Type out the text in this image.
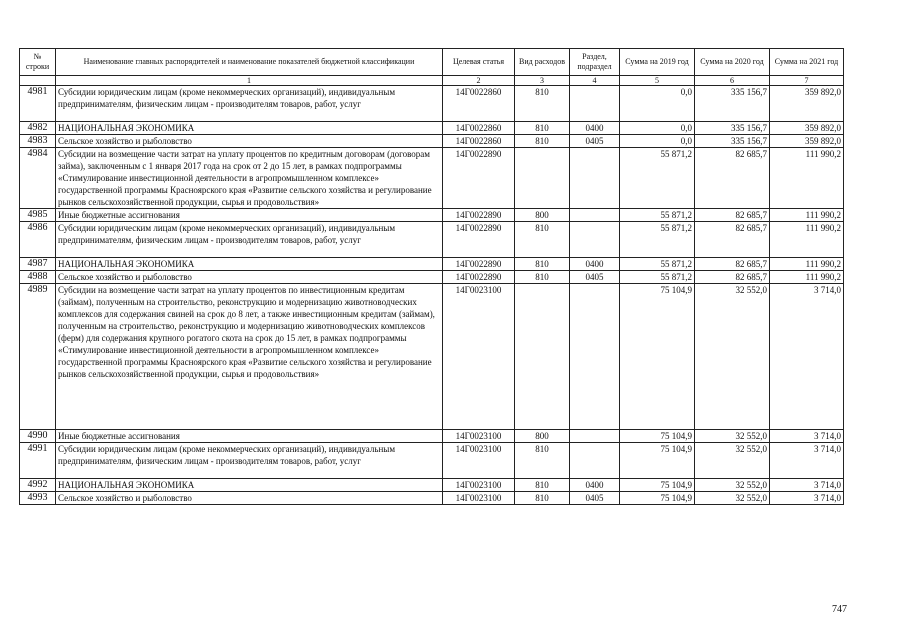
№ строки	Наименование главных распорядителей и наименование показателей бюджетной классификации	Целевая статья	Вид расходов	Раздел, подраздел	Сумма на 2019 год	Сумма на 2020 год	Сумма на 2021 год
	1	2	3	4	5	6	7
4981	Субсидии юридическим лицам (кроме некоммерческих организаций), индивидуальным предпринимателям, физическим лицам - производителям товаров, работ, услуг	14Г0022860	810		0,0	335 156,7	359 892,0
4982	НАЦИОНАЛЬНАЯ ЭКОНОМИКА	14Г0022860	810	0400	0,0	335 156,7	359 892,0
4983	Сельское хозяйство и рыболовство	14Г0022860	810	0405	0,0	335 156,7	359 892,0
4984	Субсидии на возмещение части затрат на уплату процентов по кредитным договорам (договорам займа), заключенным с 1 января 2017 года на срок от 2 до 15 лет, в рамках подпрограммы «Стимулирование инвестиционной деятельности в агропромышленном комплексе» государственной программы Красноярского края «Развитие сельского хозяйства и регулирование рынков сельскохозяйственной продукции, сырья и продовольствия»	14Г0022890			55 871,2	82 685,7	111 990,2
4985	Иные бюджетные ассигнования	14Г0022890	800		55 871,2	82 685,7	111 990,2
4986	Субсидии юридическим лицам (кроме некоммерческих организаций), индивидуальным предпринимателям, физическим лицам - производителям товаров, работ, услуг	14Г0022890	810		55 871,2	82 685,7	111 990,2
4987	НАЦИОНАЛЬНАЯ ЭКОНОМИКА	14Г0022890	810	0400	55 871,2	82 685,7	111 990,2
4988	Сельское хозяйство и рыболовство	14Г0022890	810	0405	55 871,2	82 685,7	111 990,2
4989	Субсидии на возмещение части затрат на уплату процентов по инвестиционным кредитам (займам), полученным на строительство, реконструкцию и модернизацию животноводческих комплексов для содержания свиней на срок до 8 лет, а также инвестиционным кредитам (займам), полученным на строительство, реконструкцию и модернизацию животноводческих комплексов (ферм) для содержания крупного рогатого скота на срок до 15 лет, в рамках подпрограммы «Стимулирование инвестиционной деятельности в агропромышленном комплексе» государственной программы Красноярского края «Развитие сельского хозяйства и регулирование рынков сельскохозяйственной продукции, сырья и продовольствия»	14Г0023100			75 104,9	32 552,0	3 714,0
4990	Иные бюджетные ассигнования	14Г0023100	800		75 104,9	32 552,0	3 714,0
4991	Субсидии юридическим лицам (кроме некоммерческих организаций), индивидуальным предпринимателям, физическим лицам - производителям товаров, работ, услуг	14Г0023100	810		75 104,9	32 552,0	3 714,0
4992	НАЦИОНАЛЬНАЯ ЭКОНОМИКА	14Г0023100	810	0400	75 104,9	32 552,0	3 714,0
4993	Сельское хозяйство и рыболовство	14Г0023100	810	0405	75 104,9	32 552,0	3 714,0
747
